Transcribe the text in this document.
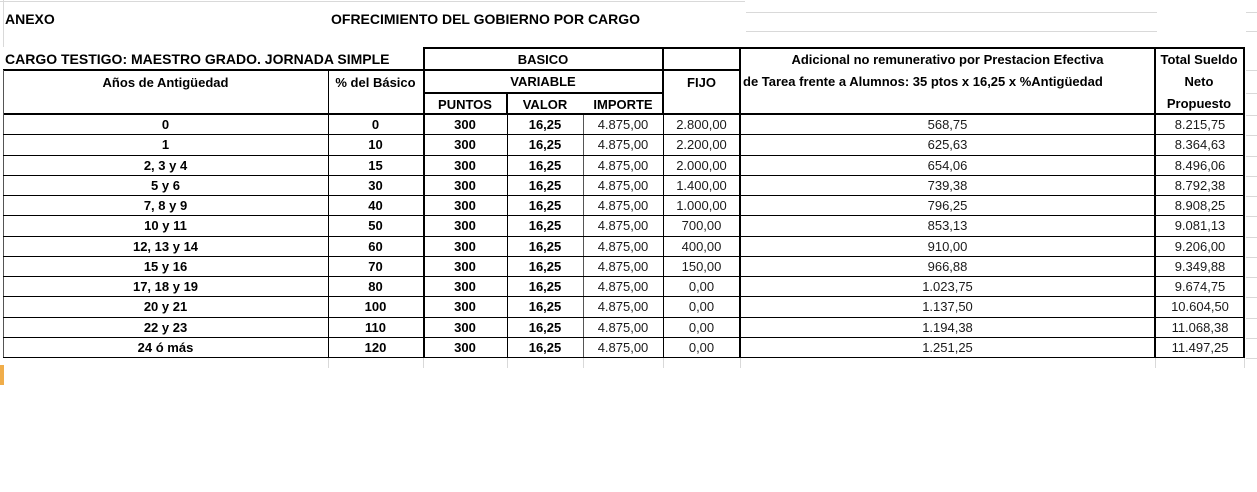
ANEXO	OFRECIMIENTO DEL GOBIERNO POR CARGO
CARGO TESTIGO: MAESTRO GRADO. JORNADA SIMPLE	BASICO
VARIABLE
PUNTOS	VALOR	IMPORTE
Años de Antigüedad	% del Básico	FIJO
Adicional no remunerativo por Prestacion Efectiva
de Tarea frente a Alumnos: 35 ptos x 16,25 x %Antigüedad
Total Sueldo
Neto
Propuesto
0	0	300	16,25	4.875,00	2.800,00	568,75	8.215,75
1	10	300	16,25	4.875,00	2.200,00	625,63	8.364,63
2, 3 y 4	15	300	16,25	4.875,00	2.000,00	654,06	8.496,06
5 y 6	30	300	16,25	4.875,00	1.400,00	739,38	8.792,38
7, 8 y 9	40	300	16,25	4.875,00	1.000,00	796,25	8.908,25
10 y 11	50	300	16,25	4.875,00	700,00	853,13	9.081,13
12, 13 y 14	60	300	16,25	4.875,00	400,00	910,00	9.206,00
15 y 16	70	300	16,25	4.875,00	150,00	966,88	9.349,88
17, 18 y 19	80	300	16,25	4.875,00	0,00	1.023,75	9.674,75
20 y 21	100	300	16,25	4.875,00	0,00	1.137,50	10.604,50
22 y 23	110	300	16,25	4.875,00	0,00	1.194,38	11.068,38
24 ó más	120	300	16,25	4.875,00	0,00	1.251,25	11.497,25
